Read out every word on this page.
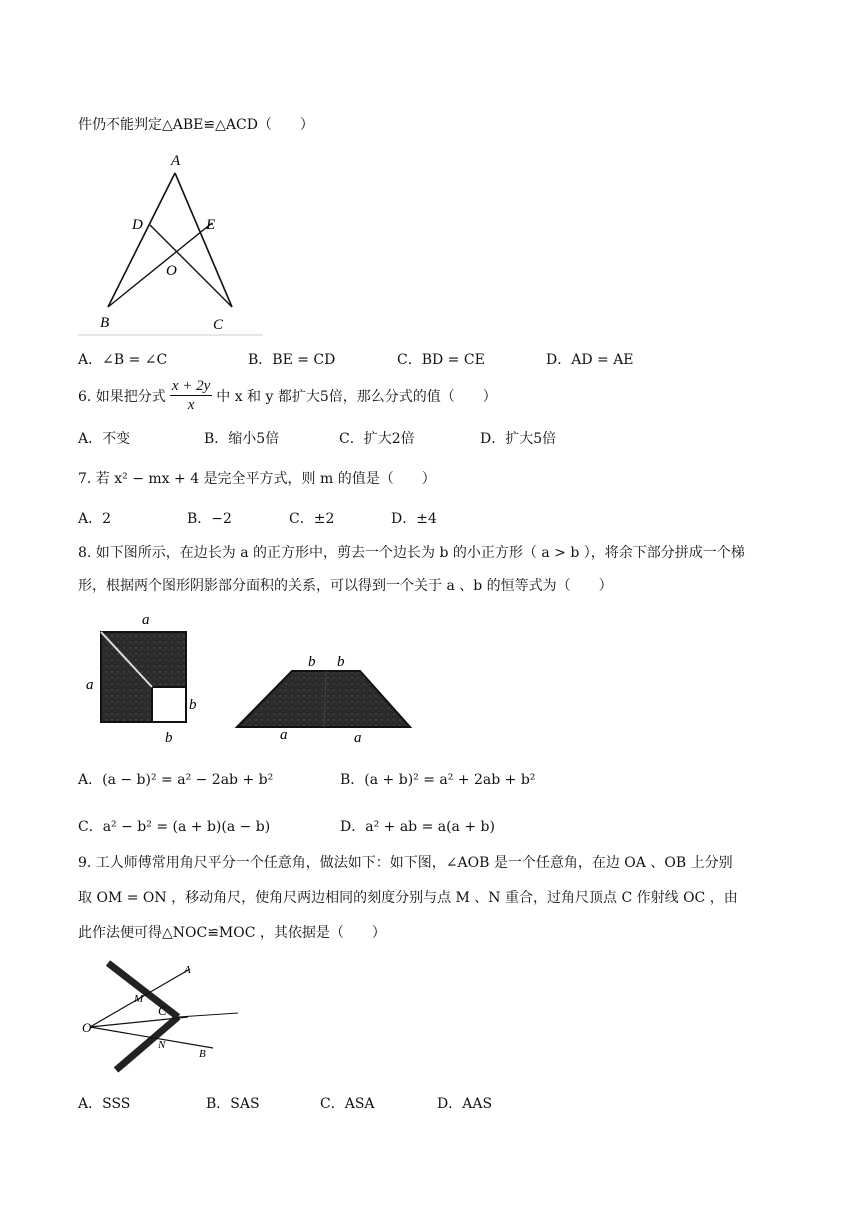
件仍不能判定△ABE≌△ACD（　　）
A
D	E
O
B	C
A．∠B = ∠C	B．BE = CD	C．BD = CE	D．AD = AE
6. 如果把分式 $\frac{x + 2y}{x}$ 中 x 和 y 都扩大5倍，那么分式的值（　　）
A．不变	B．缩小5倍	C．扩大2倍	D．扩大5倍
7. 若 x² − mx + 4 是完全平方式，则 m 的值是（　　）
A．2	B．−2	C．±2	D．±4
8. 如下图所示，在边长为 a 的正方形中，剪去一个边长为 b 的小正方形（ a > b ），将余下部分拼成一个梯
形，根据两个图形阴影部分面积的关系，可以得到一个关于 a 、b 的恒等式为（　　）
a
a
b
b
b b
a	a
A．(a − b)² = a² − 2ab + b²	B．(a + b)² = a² + 2ab + b²
C．a² − b² = (a + b)(a − b)	D．a² + ab = a(a + b)
9. 工人师傅常用角尺平分一个任意角，做法如下：如下图，∠AOB 是一个任意角，在边 OA 、OB 上分别
取 OM = ON ，移动角尺，使角尺两边相同的刻度分别与点 M 、N 重合，过角尺顶点 C 作射线 OC ，由
此作法便可得△NOC≌MOC ，其依据是（　　）
A
M
C
O
N
B
A．SSS	B．SAS	C．ASA	D．AAS
